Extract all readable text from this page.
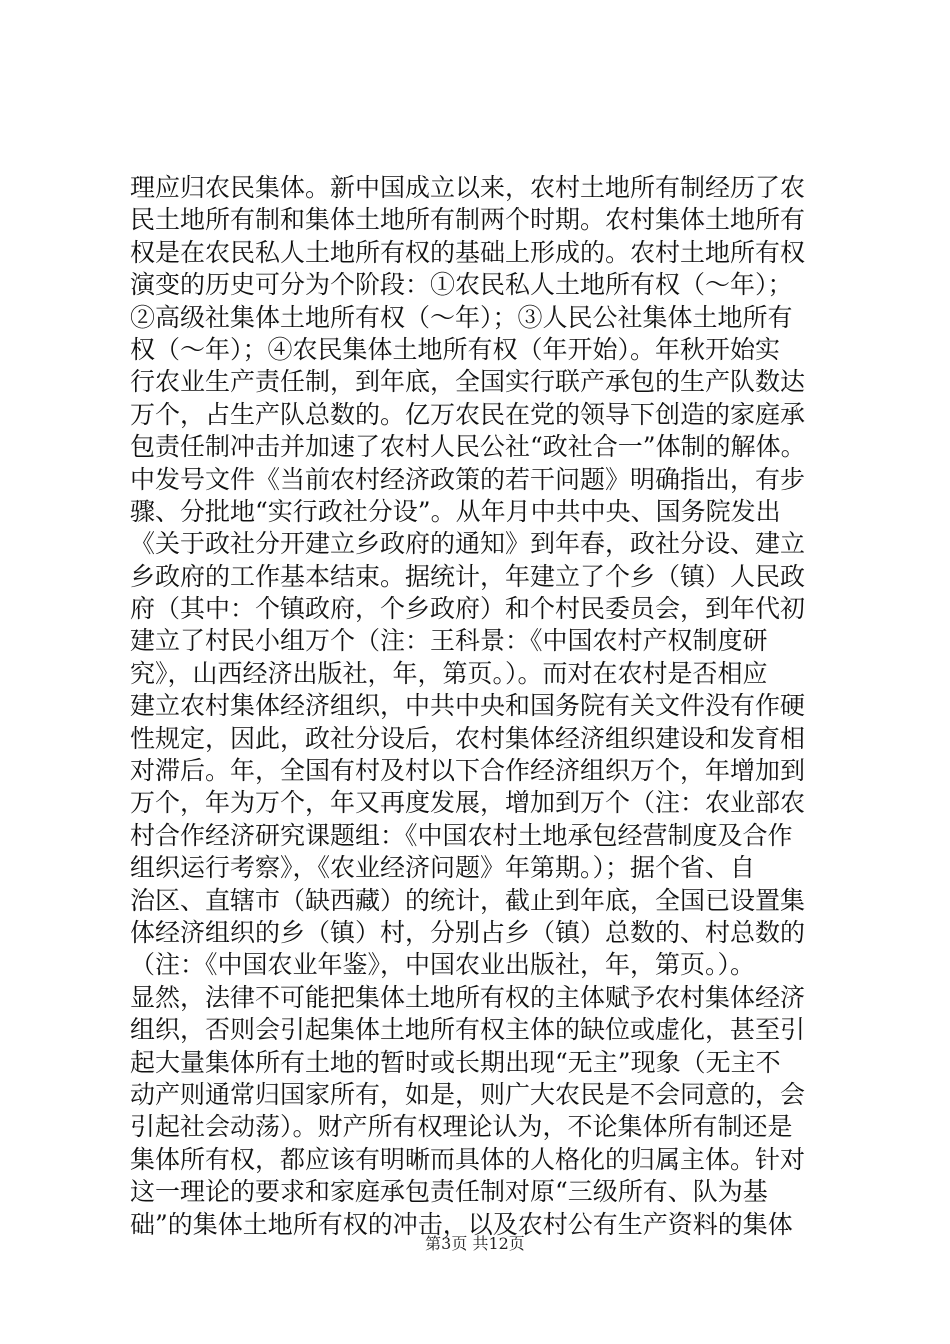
理应归农民集体。新中国成立以来，农村土地所有制经历了农
民土地所有制和集体土地所有制两个时期。农村集体土地所有
权是在农民私人土地所有权的基础上形成的。农村土地所有权
演变的历史可分为个阶段：①农民私人土地所有权（～年）；
②高级社集体土地所有权（～年）；③人民公社集体土地所有
权（～年）；④农民集体土地所有权（年开始）。年秋开始实
行农业生产责任制，到年底，全国实行联产承包的生产队数达
万个，占生产队总数的。亿万农民在党的领导下创造的家庭承
包责任制冲击并加速了农村人民公社“政社合一”体制的解体。
中发号文件《当前农村经济政策的若干问题》明确指出，有步
骤、分批地“实行政社分设”。从年月中共中央、国务院发出
《关于政社分开建立乡政府的通知》到年春，政社分设、建立
乡政府的工作基本结束。据统计，年建立了个乡（镇）人民政
府（其中：个镇政府，个乡政府）和个村民委员会，到年代初
建立了村民小组万个（注：王科景：《中国农村产权制度研
究》，山西经济出版社，年，第页。）。而对在农村是否相应
建立农村集体经济组织，中共中央和国务院有关文件没有作硬
性规定，因此，政社分设后，农村集体经济组织建设和发育相
对滞后。年，全国有村及村以下合作经济组织万个，年增加到
万个，年为万个，年又再度发展，增加到万个（注：农业部农
村合作经济研究课题组：《中国农村土地承包经营制度及合作
组织运行考察》，《农业经济问题》年第期。）；据个省、自
治区、直辖市（缺西藏）的统计，截止到年底，全国已设置集
体经济组织的乡（镇）村，分别占乡（镇）总数的、村总数的
（注：《中国农业年鉴》，中国农业出版社，年，第页。）。
显然，法律不可能把集体土地所有权的主体赋予农村集体经济
组织，否则会引起集体土地所有权主体的缺位或虚化，甚至引
起大量集体所有土地的暂时或长期出现“无主”现象（无主不
动产则通常归国家所有，如是，则广大农民是不会同意的，会
引起社会动荡）。财产所有权理论认为，不论集体所有制还是
集体所有权，都应该有明晰而具体的人格化的归属主体。针对
这一理论的要求和家庭承包责任制对原“三级所有、队为基
础”的集体土地所有权的冲击，以及农村公有生产资料的集体
第3页 共12页
